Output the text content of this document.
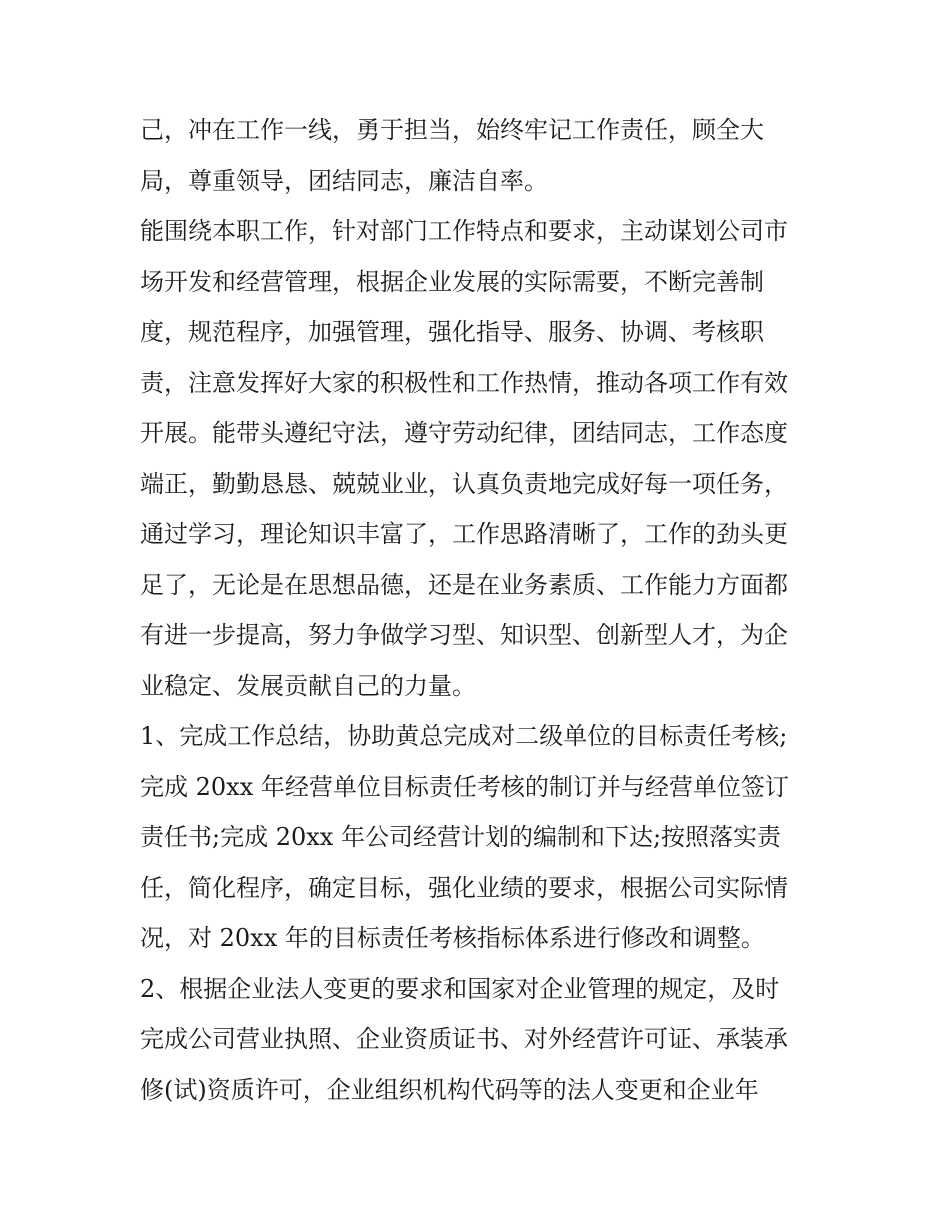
己，冲在工作一线，勇于担当，始终牢记工作责任，顾全大
局，尊重领导，团结同志，廉洁自率。
能围绕本职工作，针对部门工作特点和要求，主动谋划公司市
场开发和经营管理，根据企业发展的实际需要，不断完善制
度，规范程序，加强管理，强化指导、服务、协调、考核职
责，注意发挥好大家的积极性和工作热情，推动各项工作有效
开展。能带头遵纪守法，遵守劳动纪律，团结同志，工作态度
端正，勤勤恳恳、兢兢业业，认真负责地完成好每一项任务，
通过学习，理论知识丰富了，工作思路清晰了，工作的劲头更
足了，无论是在思想品德，还是在业务素质、工作能力方面都
有进一步提高，努力争做学习型、知识型、创新型人才，为企
业稳定、发展贡献自己的力量。
1、完成工作总结，协助黄总完成对二级单位的目标责任考核;
完成 20xx 年经营单位目标责任考核的制订并与经营单位签订
责任书;完成 20xx 年公司经营计划的编制和下达;按照落实责
任，简化程序，确定目标，强化业绩的要求，根据公司实际情
况，对 20xx 年的目标责任考核指标体系进行修改和调整。
2、根据企业法人变更的要求和国家对企业管理的规定，及时
完成公司营业执照、企业资质证书、对外经营许可证、承装承
修(试)资质许可，企业组织机构代码等的法人变更和企业年
